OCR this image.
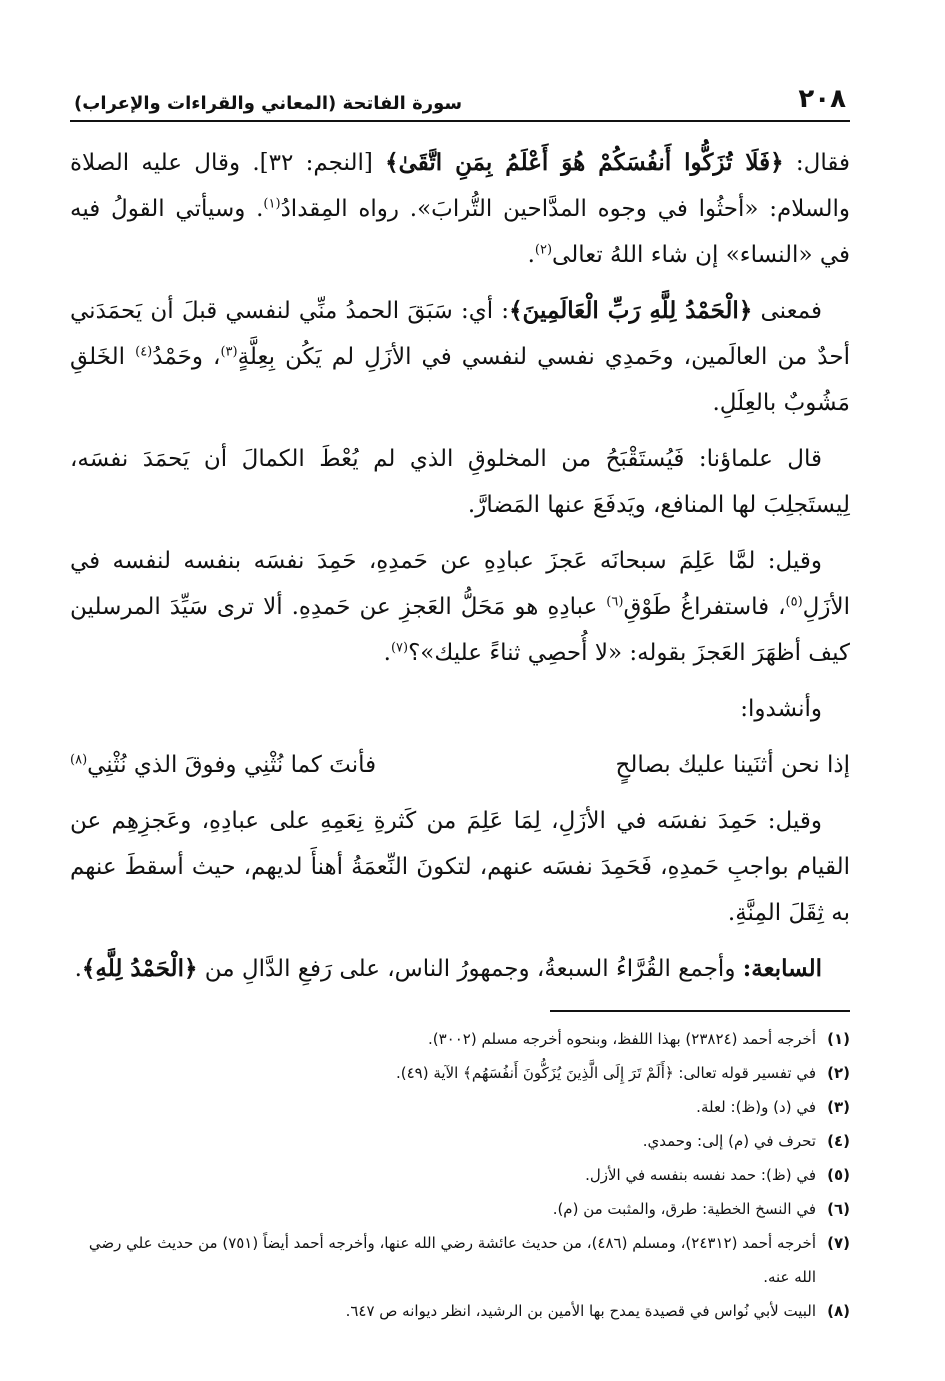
٢٠٨
سورة الفاتحة (المعاني والقراءات والإعراب)

فقال: ﴿فَلَا تُزَكُّوا أَنفُسَكُمْ هُوَ أَعْلَمُ بِمَنِ اتَّقَىٰ﴾ [النجم: ٣٢]. وقال عليه الصلاة والسلام: «أحثُوا في وجوه المدَّاحين التُّرابَ». رواه المِقدادُ$^{(١)}$. وسيأتي القولُ فيه في «النساء» إن شاء اللهُ تعالى$^{(٢)}$.

فمعنى ﴿الْحَمْدُ لِلَّهِ رَبِّ الْعَالَمِينَ﴾: أي: سَبَقَ الحمدُ منِّي لنفسي قبلَ أن يَحمَدَني أحدٌ من العالَمين، وحَمدِي نفسي لنفسي في الأزَلِ لم يَكُن بِعِلَّةٍ$^{(٣)}$، وحَمْدُ$^{(٤)}$ الخَلقِ مَشُوبٌ بالعِلَلِ.

قال علماؤنا: فَيُستَقْبَحُ من المخلوقِ الذي لم يُعْطَ الكمالَ أن يَحمَدَ نفسَه، لِيستَجلِبَ لها المنافع، ويَدفَعَ عنها المَضارَّ.

وقيل: لمَّا عَلِمَ سبحانَه عَجزَ عبادِهِ عن حَمدِهِ، حَمِدَ نفسَه بنفسه لنفسه في الأزَلِ$^{(٥)}$، فاستفراغُ طَوْقِ$^{(٦)}$ عبادِهِ هو مَحَلُّ العَجزِ عن حَمدِهِ. ألا ترى سَيِّدَ المرسلين كيف أظهَرَ العَجزَ بقوله: «لا أُحصِي ثناءً عليك»؟$^{(٧)}$.

وأنشدوا:

إذا نحن أثنَينا عليك بصالحٍ
فأنتَ كما نُثْنِي وفوقَ الذي نُثْنِي$^{(٨)}$

وقيل: حَمِدَ نفسَه في الأزَلِ، لِمَا عَلِمَ من كَثرةِ نِعَمِهِ على عبادِهِ، وعَجزِهِم عن القيام بواجبِ حَمدِهِ، فَحَمِدَ نفسَه عنهم، لتكونَ النِّعمَةُ أهنأَ لديهم، حيث أسقطَ عنهم به ثِقَلَ المِنَّةِ.

السابعة: وأجمع القُرَّاءُ السبعةُ، وجمهورُ الناس، على رَفعِ الدَّالِ من ﴿الْحَمْدُ لِلَّهِ﴾.

(١)
أخرجه أحمد (٢٣٨٢٤) بهذا اللفظ، وبنحوه أخرجه مسلم (٣٠٠٢).
(٢)
في تفسير قوله تعالى: ﴿أَلَمْ تَرَ إِلَى الَّذِينَ يُزَكُّونَ أَنفُسَهُم﴾ الآية (٤٩).
(٣)
في (د) و(ظ): لعلة.
(٤)
تحرف في (م) إلى: وحمدي.
(٥)
في (ظ): حمد نفسه بنفسه في الأزل.
(٦)
في النسخ الخطية: طرق، والمثبت من (م).
(٧)
أخرجه أحمد (٢٤٣١٢)، ومسلم (٤٨٦)، من حديث عائشة رضي الله عنها، وأخرجه أحمد أيضاً (٧٥١) من حديث علي رضي الله عنه.
(٨)
البيت لأبي نُواس في قصيدة يمدح بها الأمين بن الرشيد، انظر ديوانه ص ٦٤٧.
